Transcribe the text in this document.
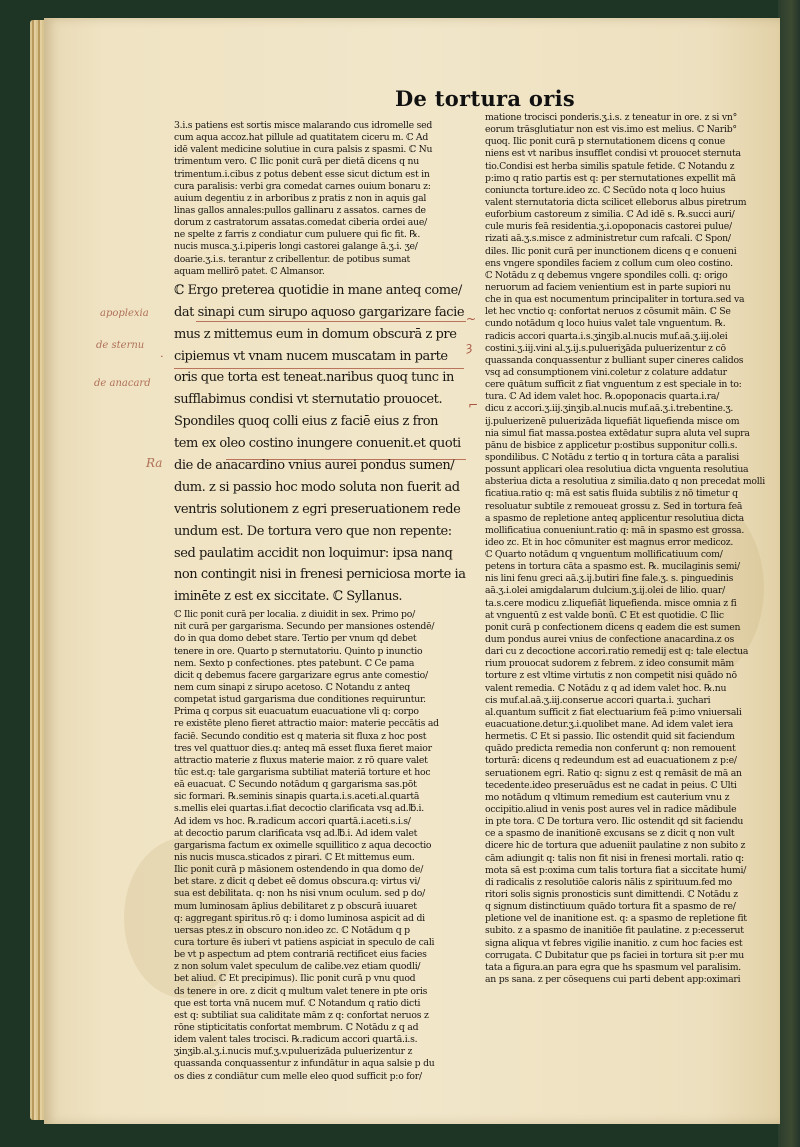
De tortura oris
apoplexia
de sternu
de anacard
Ra
ᐧ
~
ȝ
⌐
3.i.s patiens est sortis misce malarando cus idromelle sed
cum aqua accoz.hat pillule ad quatitatem ciceru m. ℂ Ad
idē valent medicine solutiue in cura palsis z spasmi. ℂ Nu
trimentum vero. ℂ Ilic ponit curā per dietā dicens q nu
trimentum.i.cibus z potus debent esse sicut dictum est in
cura paralisis: verbi gra comedat carnes ouium bonaru z:
auium degentiu z in arboribus z pratis z non in aquis gal
linas gallos annales:pullos gallinaru z assatos. carnes de
dorum z castratorum assatas.comedat ciberia ordei aue/
ne spelte z farris z condiatur cum puluere qui fic fit. ℞.
nucis musca.ʒ.i.piperis longi castorei galange ā.ʒ.i. ʒe/
doarie.ʒ.i.s. terantur z cribellentur. de potibus sumat
aquam mellirō patet. ℂ Almansor.
ℂ Ergo preterea quotidie in mane anteq come/
dat sinapi cum sirupo aquoso gargarizare facie
mus z mittemus eum in domum obscurā z pre
cipiemus vt vnam nucem muscatam in parte
oris que torta est teneat.naribus quoq tunc in
sufflabimus condisi vt sternutatio prouocet.
Spondiles quoq colli eius z faciē eius z fron
tem ex oleo costino inungere conuenit.et quoti
die de anacardino vnius aurei pondus sumen/
dum. z si passio hoc modo soluta non fuerit ad
ventris solutionem z egri preseruationem rede
undum est. De tortura vero que non repente:
sed paulatim accidit non loquimur: ipsa nanq
non contingit nisi in frenesi perniciosa morte ia
iminēte z est ex siccitate. ℂ Syllanus.
ℂ Ilic ponit curā per localia. z diuidit in sex. Primo po/
nit curā per gargarisma. Secundo per mansiones ostendē/
do in qua domo debet stare. Tertio per vnum qd debet
tenere in ore. Quarto p sternutatoriu. Quinto p inunctio
nem. Sexto p confectiones. ptes patebunt. ℂ Ce pama
dicit q debemus facere gargarizare egrus ante comestio/
nem cum sinapi z sirupo acetoso. ℂ Notandu z anteq
competat istud gargarisma due conditiones requiruntur.
Prima q corpus sit euacuatum euacuatione vli q: corpo
re existēte pleno fieret attractio maior: materie peccātis ad
faciē. Secundo conditio est q materia sit fluxa z hoc post
tres vel quattuor dies.q: anteq mā esset fluxa fieret maior
attractio materie z fluxus materie maior. z rō quare valet
tūc est.q: tale gargarisma subtiliat materiā torture et hoc
eā euacuat. ℂ Secundo notādum q gargarisma sas.pōt
sic formari. ℞.seminis sinapis quarta.i.s.aceti.al.quartā
s.mellis elei quartas.i.fiat decoctio clarificata vsq ad.℔.i.
Ad idem vs hoc. ℞.radicum accori quartā.i.aceti.s.i.s/
at decoctio parum clarificata vsq ad.℔.i. Ad idem valet
gargarisma factum ex oximelle squillitico z aqua decoctio
nis nucis musca.sticados z pirari. ℂ Et mittemus eum.
Ilic ponit curā p māsionem ostendendo in qua domo de/
bet stare. z dicit q debet eē domus obscura.q: virtus vi/
sua est debilitata. q: non hs nisi vnum oculum. sed p do/
mum luminosam āplius debilitaret z p obscurā iuuaret
q: aggregant spiritus.rō q: i domo luminosa aspicit ad di
uersas ptes.z in obscuro non.ideo zc. ℂ Notādum q p
cura torture ēs iuberi vt patiens aspiciat in speculo de cali
be vt p aspectum ad ptem contrariā rectificet eius facies
z non solum valet speculum de calibe.vez etiam quodli/
bet aliud. ℂ Et precipimus). Ilic ponit curā p vnu quod
ds tenere in ore. z dicit q multum valet tenere in pte oris
que est torta vnā nucem muf. ℂ Notandum q ratio dicti
est q: subtiliat sua caliditate mām z q: confortat neruos z
rōne stipticitatis confortat membrum. ℂ Notādu z q ad
idem valent tales trocisci. ℞.radicum accori quartā.i.s.
ʒinʒib.al.ʒ.i.nucis muf.ʒ.v.puluerizāda puluerizentur z
quassanda conquassentur z infundātur in aqua salsie p du
os dies z condiātur cum melle eleo quod sufficit p:o for/
matione trocisci ponderis.ʒ.i.s. z teneatur in ore. z si vn°
eorum trāsglutiatur non est vis.imo est melius. ℂ Narib°
quoq. Ilic ponit curā p sternutationem dicens q conue
niens est vt naribus insufflet condisi vt prouocet sternuta
tio.Condisi est herba similis spatule fetide. ℂ Notandu z
p:imo q ratio partis est q: per sternutationes expellit mā
coniuncta torture.ideo zc. ℂ Secūdo nota q loco huius
valent sternutatoria dicta scilicet elleborus albus piretrum
euforbium castoreum z similia. ℂ Ad idē s. ℞.succi auri/
cule muris feā residentia.ʒ.i.opoponacis castorei pulue/
rizati aā.ʒ.s.misce z administretur cum rafcali. ℂ Spon/
diles. Ilic ponit curā per inunctionem dicens q e conueni
ens vngere spondiles faciem z collum cum oleo costino.
ℂ Notādu z q debemus vngere spondiles colli. q: origo
neruorum ad faciem venientium est in parte supiori nu
che in qua est nocumentum principaliter in tortura.sed va
let hec vnctio q: confortat neruos z cōsumit māin. ℂ Se
cundo notādum q loco huius valet tale vnguentum. ℞.
radicis accori quarta.i.s.ʒinʒib.al.nucis muf.aā.ʒ.iij.olei
costini.ʒ.iij.vini al.ʒ.ij.s.pulueriʒāda puluerizentur z cō
quassanda conquassentur z bulliant super cineres calidos
vsq ad consumptionem vini.coletur z colature addatur
cere quātum sufficit z fiat vnguentum z est speciale in to:
tura. ℂ Ad idem valet hoc. ℞.opoponacis quarta.i.ra/
dicu z accori.ʒ.iij.ʒinʒib.al.nucis muf.aā.ʒ.i.trebentine.ʒ.
ij.puluerizenē puluerizāda liquefiāt liquefienda misce om
nia simul fiat massa.postea extēdatur supra aluta vel supra
pānu de bisbice z applicetur p:ostibus supponitur colli.s.
spondilibus. ℂ Notādu z tertio q in tortura cāta a paralisi
possunt applicari olea resolutiua dicta vnguenta resolutiua
absteriua dicta a resolutiua z similia.dato q non precedat molli
ficatiua.ratio q: mā est satis fluida subtilis z nō timetur q
resoluatur subtile z remoueat grossu z. Sed in tortura feā
a spasmo de repletione anteq applicentur resolutiua dicta
mollificatiua conueniunt.ratio q: mā in spasmo est grossa.
ideo zc. Et in hoc cōmuniter est magnus error medicoz.
ℂ Quarto notādum q vnguentum mollificatiuum com/
petens in tortura cāta a spasmo est. ℞. mucilaginis semi/
nis lini fenu greci aā.ʒ.ij.butiri fine fale.ʒ. s. pinguedinis
aā.ʒ.i.olei amigdalarum dulcium.ʒ.ij.olei de lilio. quar/
ta.s.cere modicu z.liquefiāt liquefienda. misce omnia z fi
at vnguentū z est valde bonū. ℂ Et est quotidie. ℂ Ilic
ponit curā p confectionem dicens q eadem die est sumen
dum pondus aurei vnius de confectione anacardina.z os
dari cu z decoctione accori.ratio remedij est q: tale electua
rium prouocat sudorem z febrem. z ideo consumit mām
torture z est vltime virtutis z non competit nisi quādo nō
valent remedia. ℂ Notādu z q ad idem valet hoc. ℞.nu
cis muf.al.aā.ʒ.iij.conserue accori quarta.i. ʒuchari
al.quantum sufficit z fiat electuarium feā p:imo vniuersali
euacuatione.detur.ʒ.i.quolibet mane. Ad idem valet iera
hermetis. ℂ Et si passio. Ilic ostendit quid sit faciendum
quādo predicta remedia non conferunt q: non remouent
torturā: dicens q redeundum est ad euacuationem z p:e/
seruationem egri. Ratio q: signu z est q remāsit de mā an
tecedente.ideo preseruādus est ne cadat in peius. ℂ Ulti
mo notādum q vltimum remedium est cauterium vnu z
occipitio.aliud in venis post aures vel in radice mādibule
in pte tora. ℂ De tortura vero. Ilic ostendit qd sit faciendu
ce a spasmo de inanitionē excusans se z dicit q non vult
dicere hic de tortura que adueniit paulatine z non subito z
cām adiungit q: talis non fit nisi in frenesi mortali. ratio q:
mota sā est p:oxima cum talis tortura fiat a siccitate humi/
di radicalis z resolutiōe caloris nālis z spirituum.fed mo
ritori solis signis pronosticis sunt dimittendi. ℂ Notādu z
q signum distinctiuum quādo tortura fit a spasmo de re/
pletione vel de inanitione est. q: a spasmo de repletione fit
subito. z a spasmo de inanitiōe fit paulatine. z p:ecesserut
signa aliqua vt febres vigilie inanitio. z cum hoc facies est
corrugata. ℂ Dubitatur que ps faciei in tortura sit p:er mu
tata a figura.an para egra que hs spasmum vel paralisim.
an ps sana. z per cōsequens cui parti debent app:oximari
